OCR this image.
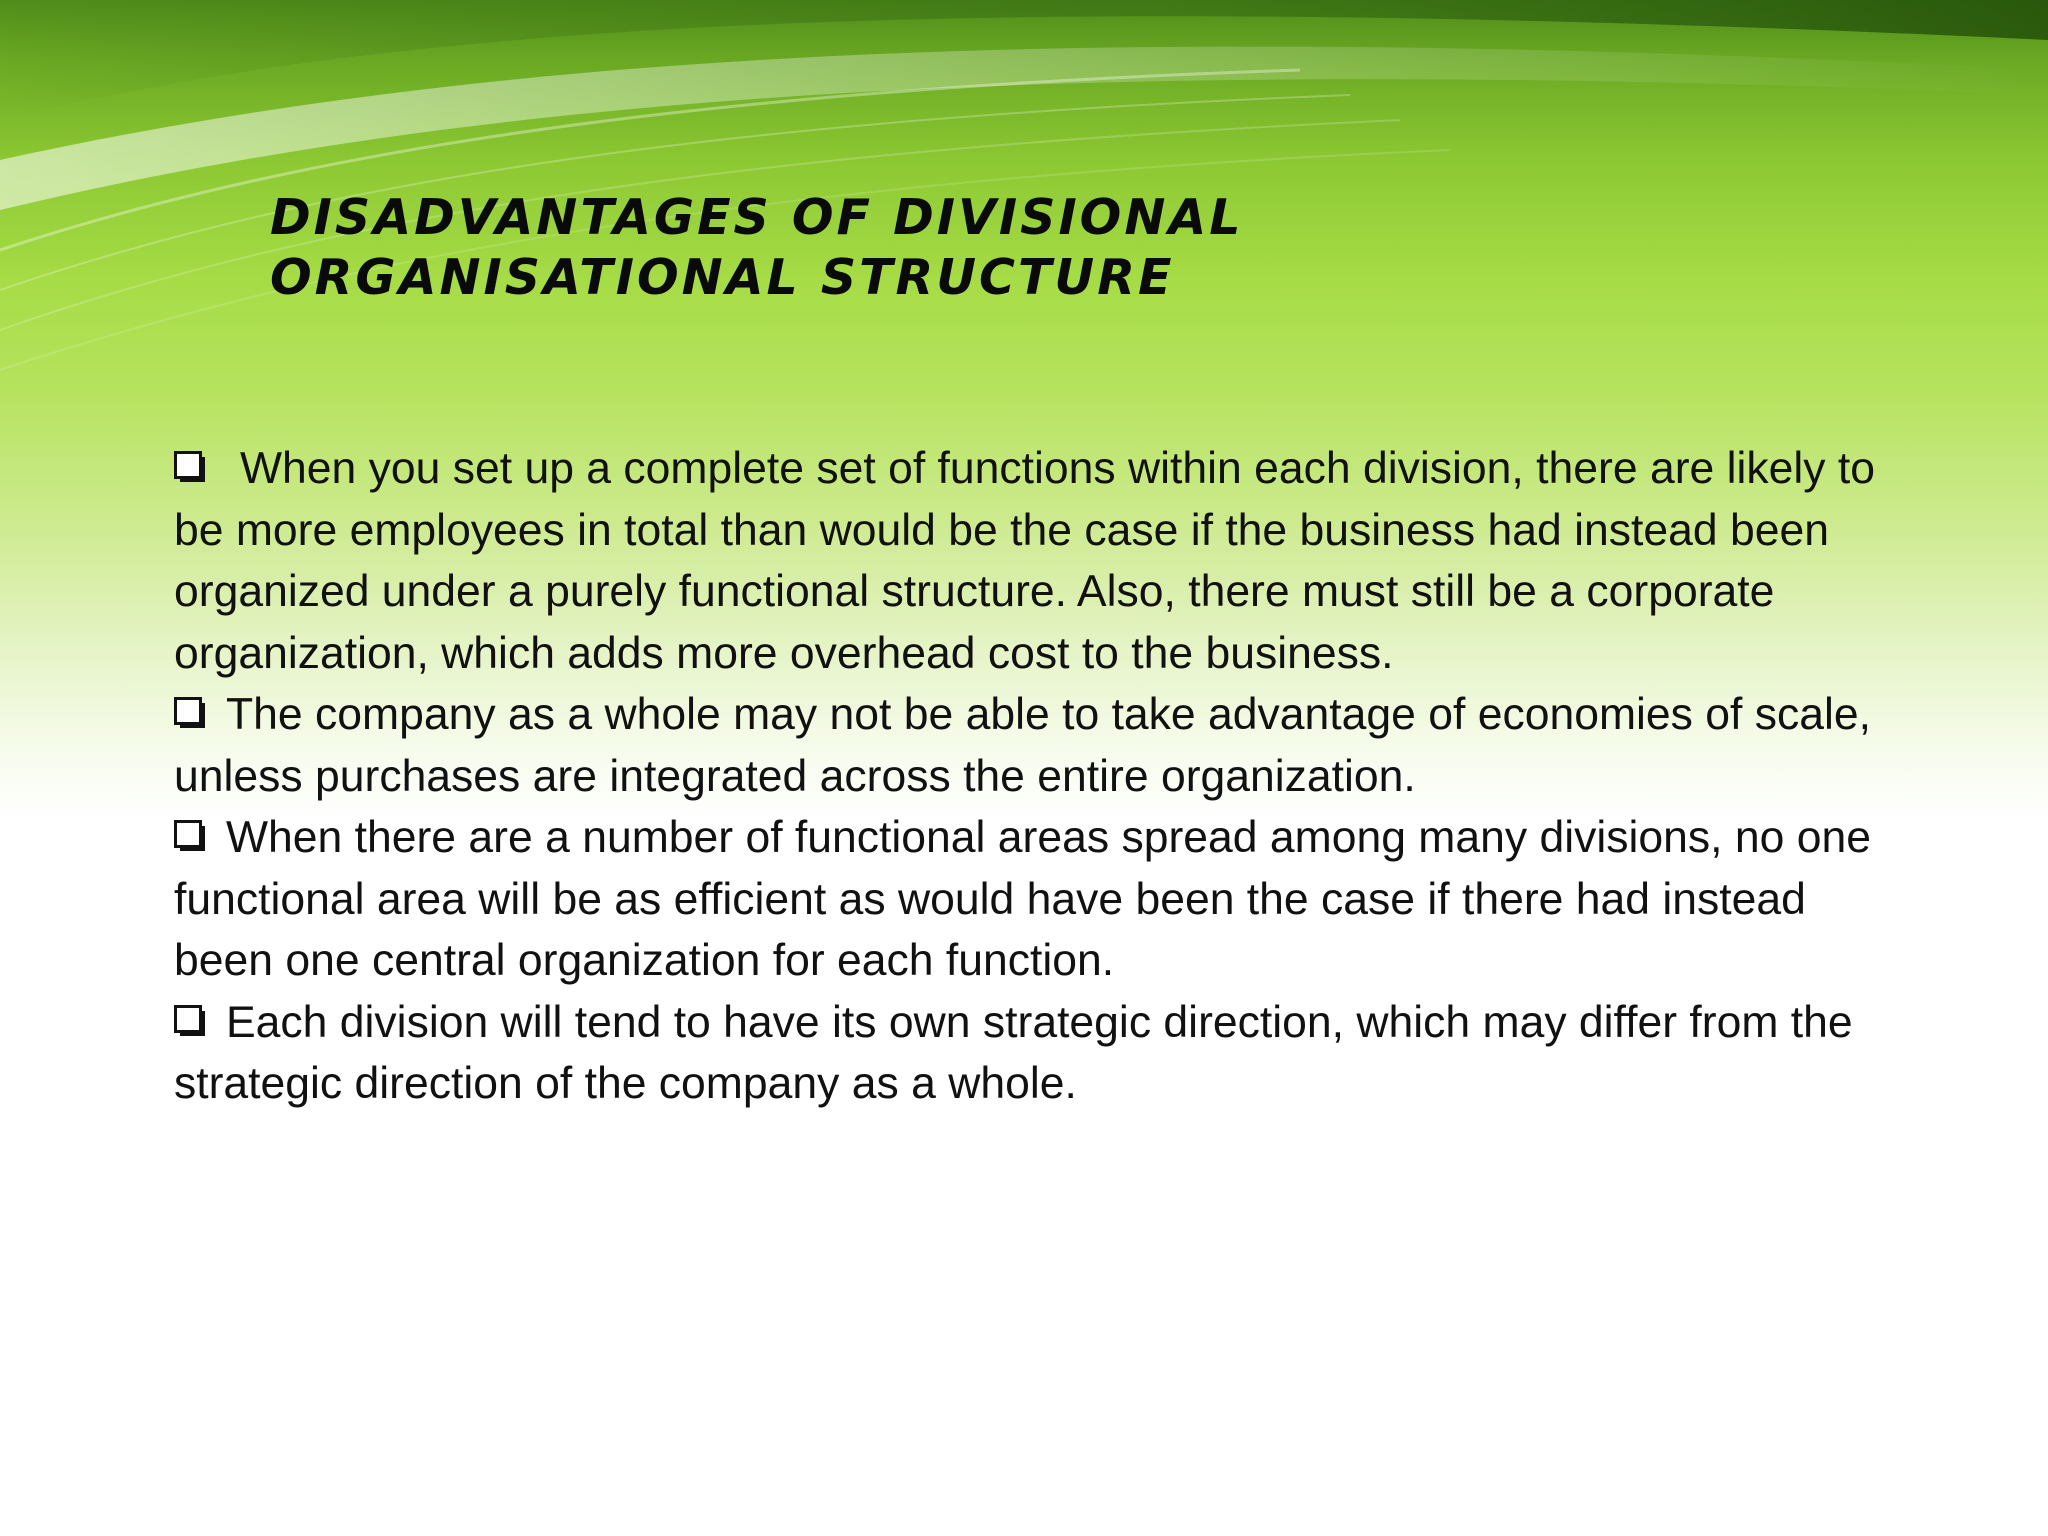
DISADVANTAGES OF DIVISIONAL
ORGANISATIONAL STRUCTURE

When you set up a complete set of functions within each division, there are likely to be more employees in total than would be the case if the business had instead been organized under a purely functional structure. Also, there must still be a corporate organization, which adds more overhead cost to the business.

The company as a whole may not be able to take advantage of economies of scale, unless purchases are integrated across the entire organization.

When there are a number of functional areas spread among many divisions, no one functional area will be as efficient as would have been the case if there had instead been one central organization for each function.

Each division will tend to have its own strategic direction, which may differ from the strategic direction of the company as a whole.
